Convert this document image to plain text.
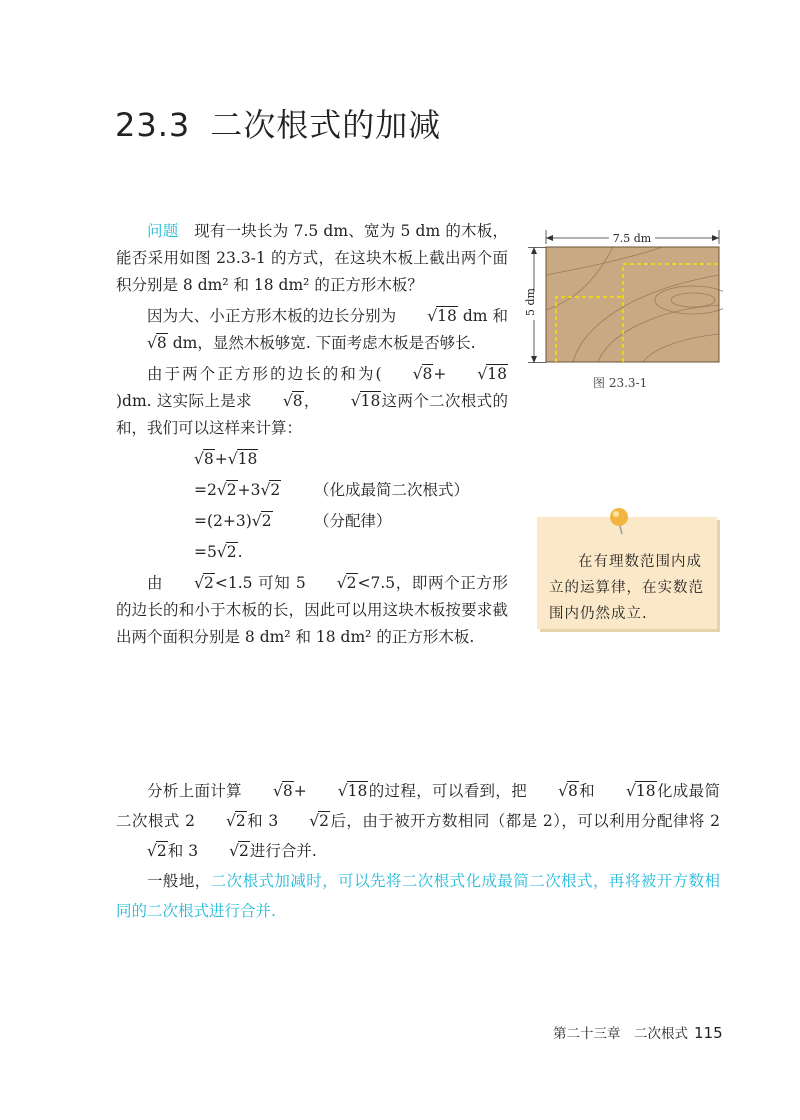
23.3 二次根式的加减

问题　 现有一块长为 7.5 dm、宽为 5 dm 的木板，能否采用如图 23.3-1 的方式，在这块木板上截出两个面积分别是 8 dm² 和 18 dm² 的正方形木板？

因为大、小正方形木板的边长分别为 √18 dm 和√8 dm，显然木板够宽. 下面考虑木板是否够长.

由于两个正方形的边长的和为( √8+ √18)dm. 这实际上是求 √8， √18这两个二次根式的和，我们可以这样来计算：

√8+√18
=2√2+3√2 （化成最简二次根式）
=(2+3)√2	（分配律）
=5√2.

由 √2<1.5 可知 5 √2<7.5，即两个正方形的边长的和小于木板的长，因此可以用这块木板按要求截出两个面积分别是 8 dm² 和 18 dm² 的正方形木板.

分析上面计算 √8+ √18的过程，可以看到，把 √8和 √18化成最简二次根式 2 √2和 3 √2后，由于被开方数相同（都是 2），可以利用分配律将 2√2和 3 √2进行合并.

一般地，二次根式加减时，可以先将二次根式化成最简二次根式，再将被开方数相同的二次根式进行合并.

7.5 dm
5 dm
图 23.3-1
在有理数范围内成立的运算律，在实数范围内仍然成立.
第二十三章　二次根式 115
